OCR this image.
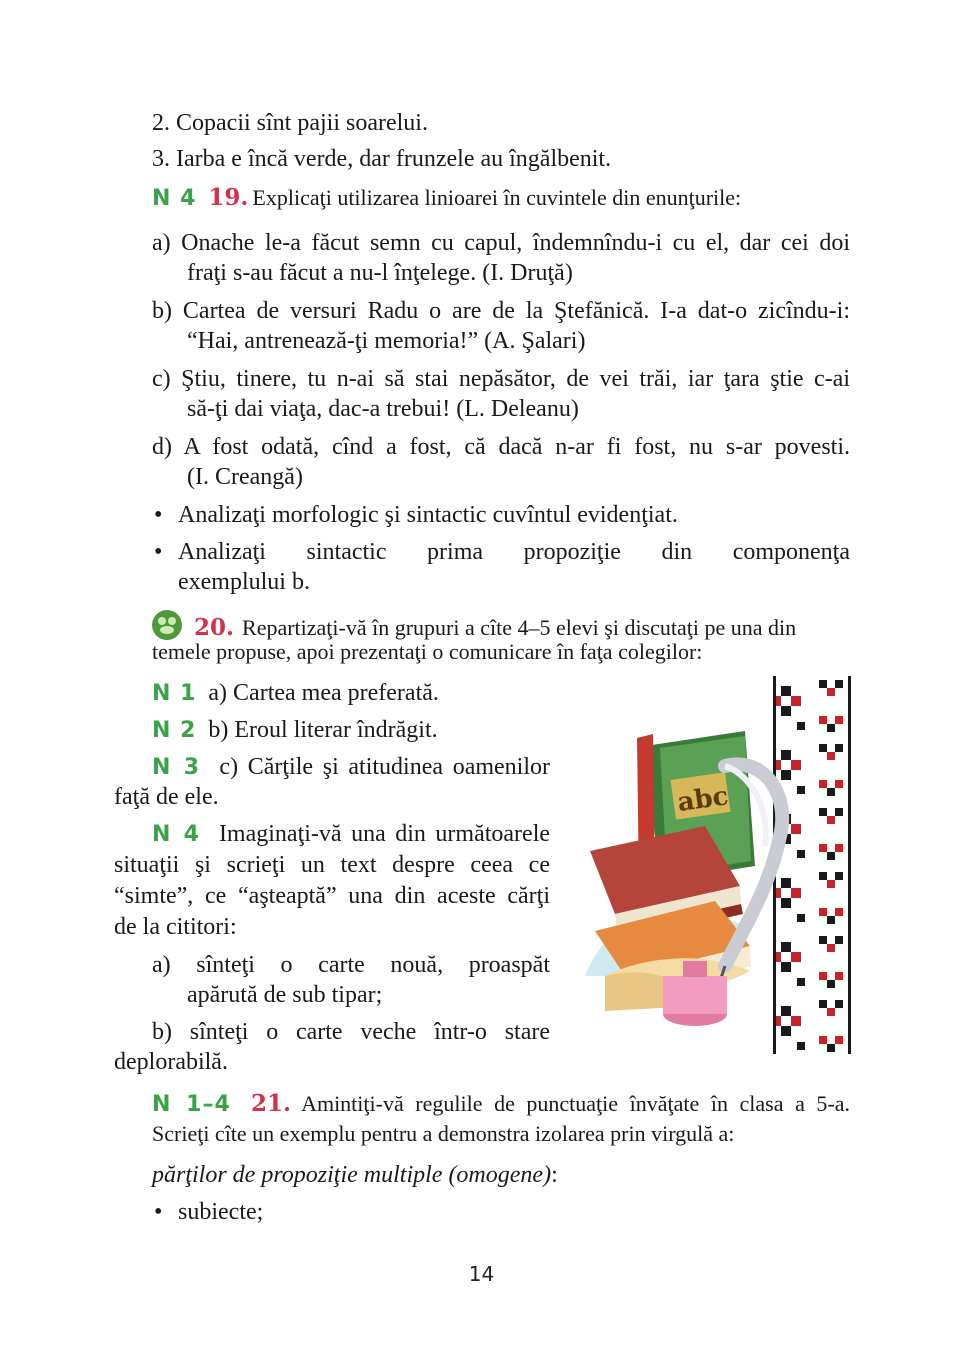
2. Copacii sînt pajii soarelui.

3. Iarba e încă verde, dar frunzele au îngălbenit.

N 4 19. Explicaţi utilizarea linioarei în cuvintele din enunţurile:

a) Onache le-a făcut semn cu capul, îndemnîndu-i cu el, dar cei doi

fraţi s-au făcut a nu-l înţelege. (I. Druţă)

b) Cartea de versuri Radu o are de la Ştefănică. I-a dat-o zicîndu-i:

“Hai, antrenează-ţi memoria!” (A. Şalari)

c) Ştiu, tinere, tu n-ai să stai nepăsător, de vei trăi, iar ţara ştie c-ai

să-ţi dai viaţa, dac-a trebui! (L. Deleanu)

d) A fost odată, cînd a fost, că dacă n-ar fi fost, nu s-ar povesti.

(I. Creangă)

• Analizaţi morfologic şi sintactic cuvîntul evidenţiat.
• Analizaţi sintactic prima propoziţie din componenţa
exemplului b.
20. Repartizaţi-vă în grupuri a cîte 4–5 elevi şi discutaţi pe una din

temele propuse, apoi prezentaţi o comunicare în faţa colegilor:

N 1 a) Cartea mea preferată.
N 2 b) Eroul literar îndrăgit.
N 3 c) Cărţile şi atitudinea oamenilor

faţă de ele.

N 4 Imaginaţi-vă una din următoarele

situaţii şi scrieţi un text despre ceea ce

“simte”, ce “aşteaptă” una din aceste cărţi

de la cititori:

a) sînteţi o carte nouă, proaspăt

apărută de sub tipar;

b) sînteţi o carte veche într-o stare

deplorabilă.

abc
N 1–4 21. Amintiţi-vă regulile de punctuaţie învăţate în clasa a 5-a.

Scrieţi cîte un exemplu pentru a demonstra izolarea prin virgulă a:

părţilor de propoziţie multiple (omogene):

• subiecte;
14
